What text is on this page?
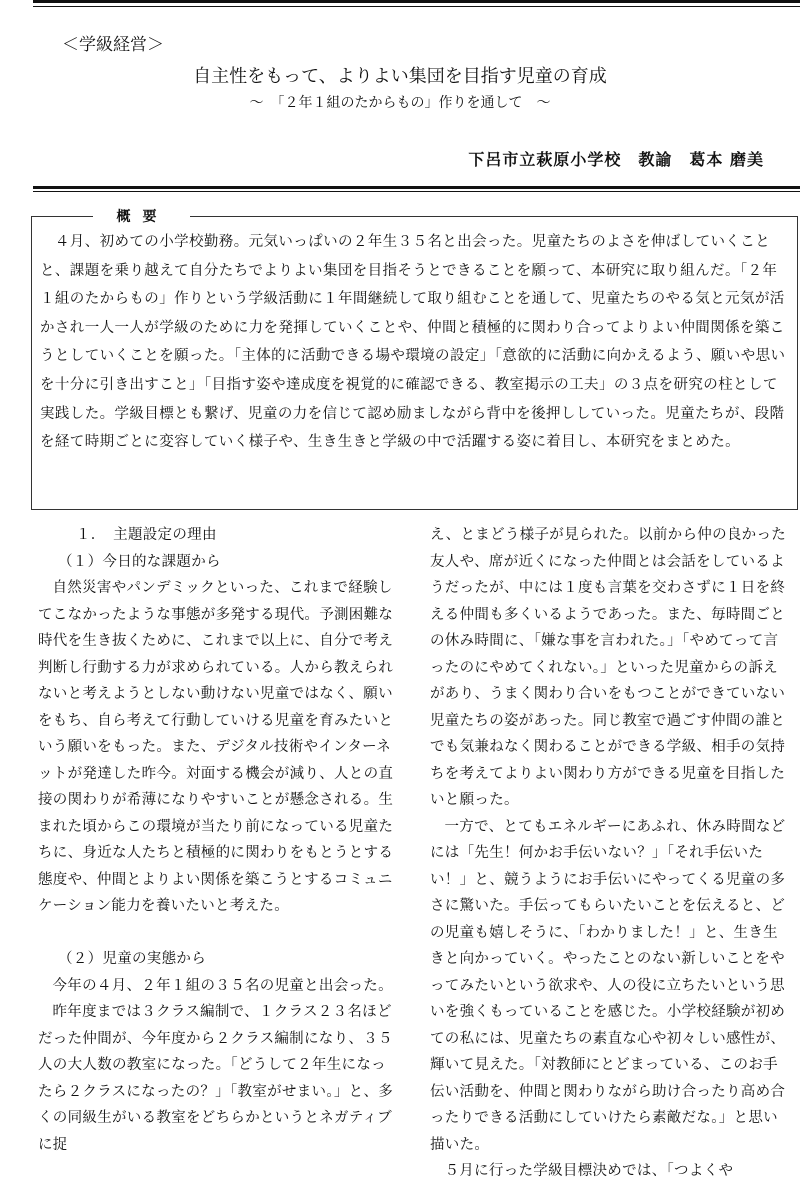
＜学級経営＞
自主性をもって、よりよい集団を目指す児童の育成
～　「２年１組のたからもの」作りを通して　～
下呂市立萩原小学校　教諭　葛本 磨美
概要

　４月、初めての小学校勤務。元気いっぱいの２年生３５名と出会った。児童たちのよさを伸ばしていくことと、課題を乗り越えて自分たちでよりよい集団を目指そうとできることを願って、本研究に取り組んだ。「２年１組のたからもの」作りという学級活動に１年間継続して取り組むことを通して、児童たちのやる気と元気が活かされ一人一人が学級のために力を発揮していくことや、仲間と積極的に関わり合ってよりよい仲間関係を築こうとしていくことを願った。「主体的に活動できる場や環境の設定」「意欲的に活動に向かえるよう、願いや思いを十分に引き出すこと」「目指す姿や達成度を視覚的に確認できる、教室掲示の工夫」の３点を研究の柱として実践した。学級目標とも繋げ、児童の力を信じて認め励ましながら背中を後押ししていった。児童たちが、段階を経て時期ごとに変容していく様子や、生き生きと学級の中で活躍する姿に着目し、本研究をまとめた。

１．　主題設定の理由

（１）今日的な課題から

自然災害やパンデミックといった、これまで経験してこなかったような事態が多発する現代。予測困難な時代を生き抜くために、これまで以上に、自分で考え判断し行動する力が求められている。人から教えられないと考えようとしない動けない児童ではなく、願いをもち、自ら考えて行動していける児童を育みたいという願いをもった。また、デジタル技術やインターネットが発達した昨今。対面する機会が減り、人との直接の関わりが希薄になりやすいことが懸念される。生まれた頃からこの環境が当たり前になっている児童たちに、身近な人たちと積極的に関わりをもとうとする態度や、仲間とよりよい関係を築こうとするコミュニケーション能力を養いたいと考えた。

（２）児童の実態から

今年の４月、２年１組の３５名の児童と出会った。

昨年度までは３クラス編制で、１クラス２３名ほどだった仲間が、今年度から２クラス編制になり、３５人の大人数の教室になった。「どうして２年生になったら２クラスになったの？」「教室がせまい。」と、多くの同級生がいる教室をどちらかというとネガティブに捉

え、とまどう様子が見られた。以前から仲の良かった友人や、席が近くになった仲間とは会話をしているようだったが、中には１度も言葉を交わさずに１日を終える仲間も多くいるようであった。また、毎時間ごとの休み時間に、「嫌な事を言われた。」「やめてって言ったのにやめてくれない。」といった児童からの訴えがあり、うまく関わり合いをもつことができていない児童たちの姿があった。同じ教室で過ごす仲間の誰とでも気兼ねなく関わることができる学級、相手の気持ちを考えてよりよい関わり方ができる児童を目指したいと願った。

一方で、とてもエネルギーにあふれ、休み時間などには「先生！何かお手伝いない？」「それ手伝いたい！」と、競うようにお手伝いにやってくる児童の多さに驚いた。手伝ってもらいたいことを伝えると、どの児童も嬉しそうに、「わかりました！」と、生き生きと向かっていく。やったことのない新しいことをやってみたいという欲求や、人の役に立ちたいという思いを強くもっていることを感じた。小学校経験が初めての私には、児童たちの素直な心や初々しい感性が、輝いて見えた。「対教師にとどまっている、このお手伝い活動を、仲間と関わりながら助け合ったり高め合ったりできる活動にしていけたら素敵だな。」と思い描いた。

５月に行った学級目標決めでは、「つよくや
